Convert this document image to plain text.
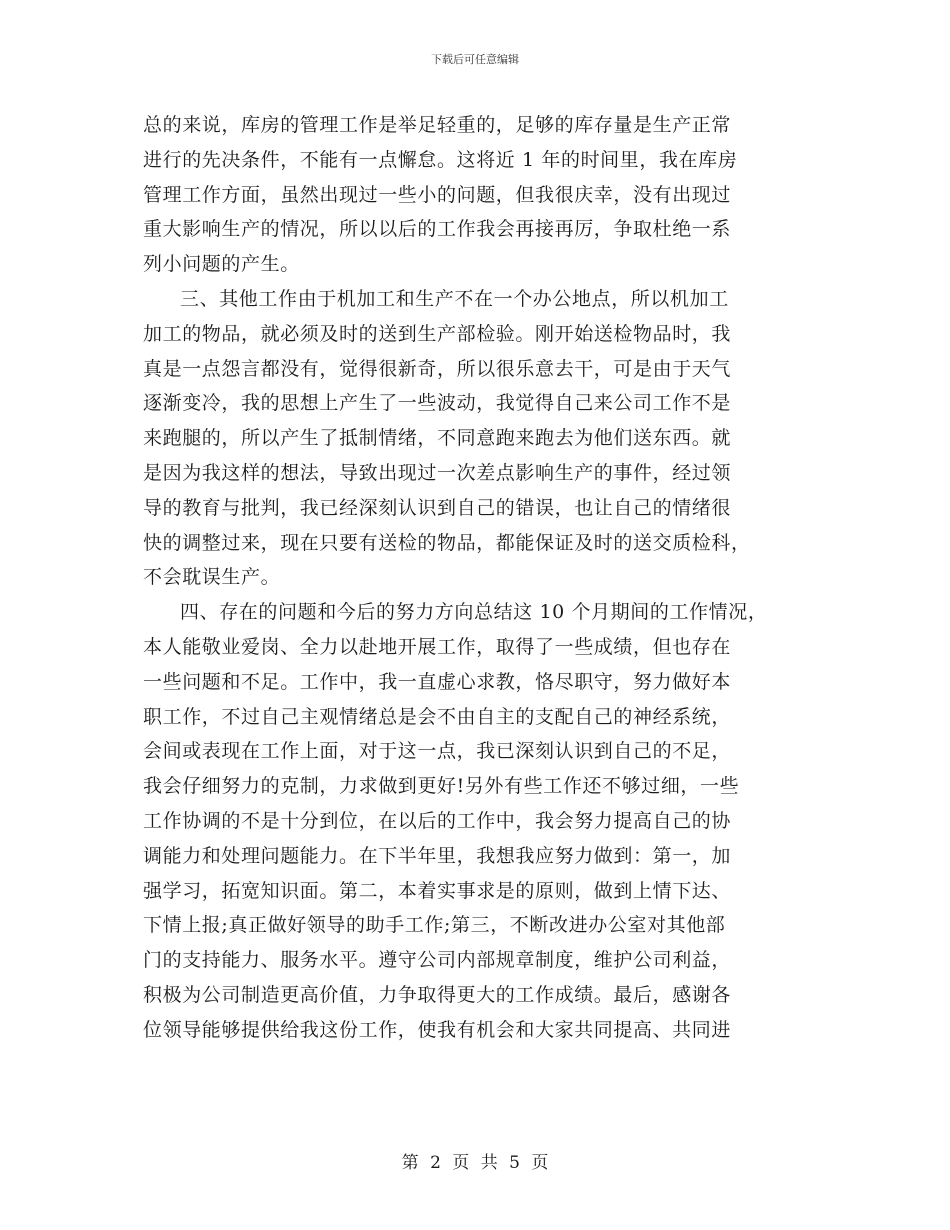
下载后可任意编辑
总的来说，库房的管理工作是举足轻重的，足够的库存量是生产正常
进行的先决条件，不能有一点懈怠。这将近 1 年的时间里，我在库房
管理工作方面，虽然出现过一些小的问题，但我很庆幸，没有出现过
重大影响生产的情况，所以以后的工作我会再接再厉，争取杜绝一系
列小问题的产生。
三、其他工作由于机加工和生产不在一个办公地点，所以机加工
加工的物品，就必须及时的送到生产部检验。刚开始送检物品时，我
真是一点怨言都没有，觉得很新奇，所以很乐意去干，可是由于天气
逐渐变冷，我的思想上产生了一些波动，我觉得自己来公司工作不是
来跑腿的，所以产生了抵制情绪，不同意跑来跑去为他们送东西。就
是因为我这样的想法，导致出现过一次差点影响生产的事件，经过领
导的教育与批判，我已经深刻认识到自己的错误，也让自己的情绪很
快的调整过来，现在只要有送检的物品，都能保证及时的送交质检科，
不会耽误生产。
四、存在的问题和今后的努力方向总结这 10 个月期间的工作情况，
本人能敬业爱岗、全力以赴地开展工作，取得了一些成绩，但也存在
一些问题和不足。工作中，我一直虚心求教，恪尽职守，努力做好本
职工作，不过自己主观情绪总是会不由自主的支配自己的神经系统，
会间或表现在工作上面，对于这一点，我已深刻认识到自己的不足，
我会仔细努力的克制，力求做到更好!另外有些工作还不够过细，一些
工作协调的不是十分到位，在以后的工作中，我会努力提高自己的协
调能力和处理问题能力。在下半年里，我想我应努力做到：第一，加
强学习，拓宽知识面。第二，本着实事求是的原则，做到上情下达、
下情上报;真正做好领导的助手工作;第三，不断改进办公室对其他部
门的支持能力、服务水平。遵守公司内部规章制度，维护公司利益，
积极为公司制造更高价值，力争取得更大的工作成绩。最后，感谢各
位领导能够提供给我这份工作，使我有机会和大家共同提高、共同进
第 2 页 共 5 页
